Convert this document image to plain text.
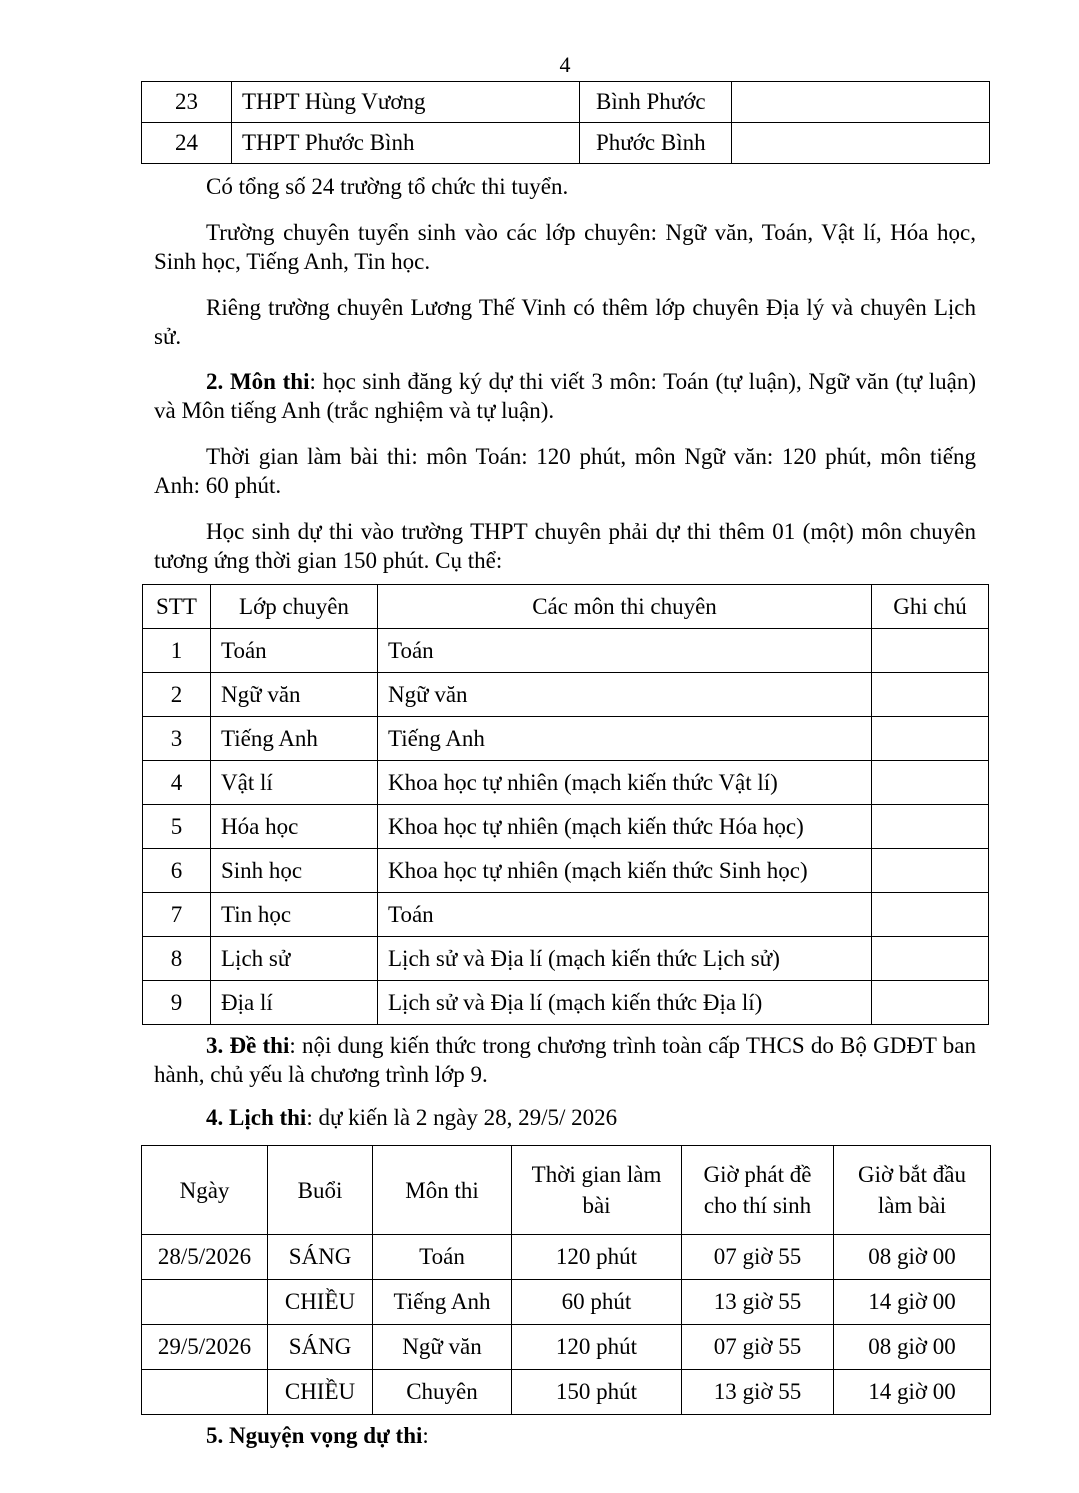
4
23	THPT Hùng Vương	Bình Phước	
24	THPT Phước Bình	Phước Bình	

Có tổng số 24 trường tổ chức thi tuyển.

Trường chuyên tuyển sinh vào các lớp chuyên: Ngữ văn, Toán, Vật lí, Hóa học, Sinh học, Tiếng Anh, Tin học.

Riêng trường chuyên Lương Thế Vinh có thêm lớp chuyên Địa lý và chuyên Lịch sử.

2. Môn thi: học sinh đăng ký dự thi viết 3 môn: Toán (tự luận), Ngữ văn (tự luận) và Môn tiếng Anh (trắc nghiệm và tự luận).

Thời gian làm bài thi: môn Toán: 120 phút, môn Ngữ văn: 120 phút, môn tiếng Anh: 60 phút.

Học sinh dự thi vào trường THPT chuyên phải dự thi thêm 01 (một) môn chuyên tương ứng thời gian 150 phút. Cụ thể:

STT	Lớp chuyên	Các môn thi chuyên	Ghi chú
1	Toán	Toán	
2	Ngữ văn	Ngữ văn	
3	Tiếng Anh	Tiếng Anh	
4	Vật lí	Khoa học tự nhiên (mạch kiến thức Vật lí)	
5	Hóa học	Khoa học tự nhiên (mạch kiến thức Hóa học)	
6	Sinh học	Khoa học tự nhiên (mạch kiến thức Sinh học)	
7	Tin học	Toán	
8	Lịch sử	Lịch sử và Địa lí (mạch kiến thức Lịch sử)	
9	Địa lí	Lịch sử và Địa lí (mạch kiến thức Địa lí)	

3. Đề thi: nội dung kiến thức trong chương trình toàn cấp THCS do Bộ GDĐT ban hành, chủ yếu là chương trình lớp 9.

4. Lịch thi: dự kiến là 2 ngày 28, 29/5/ 2026

Ngày	Buổi	Môn thi	Thời gian làm bài	Giờ phát đề cho thí sinh	Giờ bắt đầu làm bài
28/5/2026	SÁNG	Toán	120 phút	07 giờ 55	08 giờ 00
	CHIỀU	Tiếng Anh	60 phút	13 giờ 55	14 giờ 00
29/5/2026	SÁNG	Ngữ văn	120 phút	07 giờ 55	08 giờ 00
	CHIỀU	Chuyên	150 phút	13 giờ 55	14 giờ 00

5. Nguyện vọng dự thi:
